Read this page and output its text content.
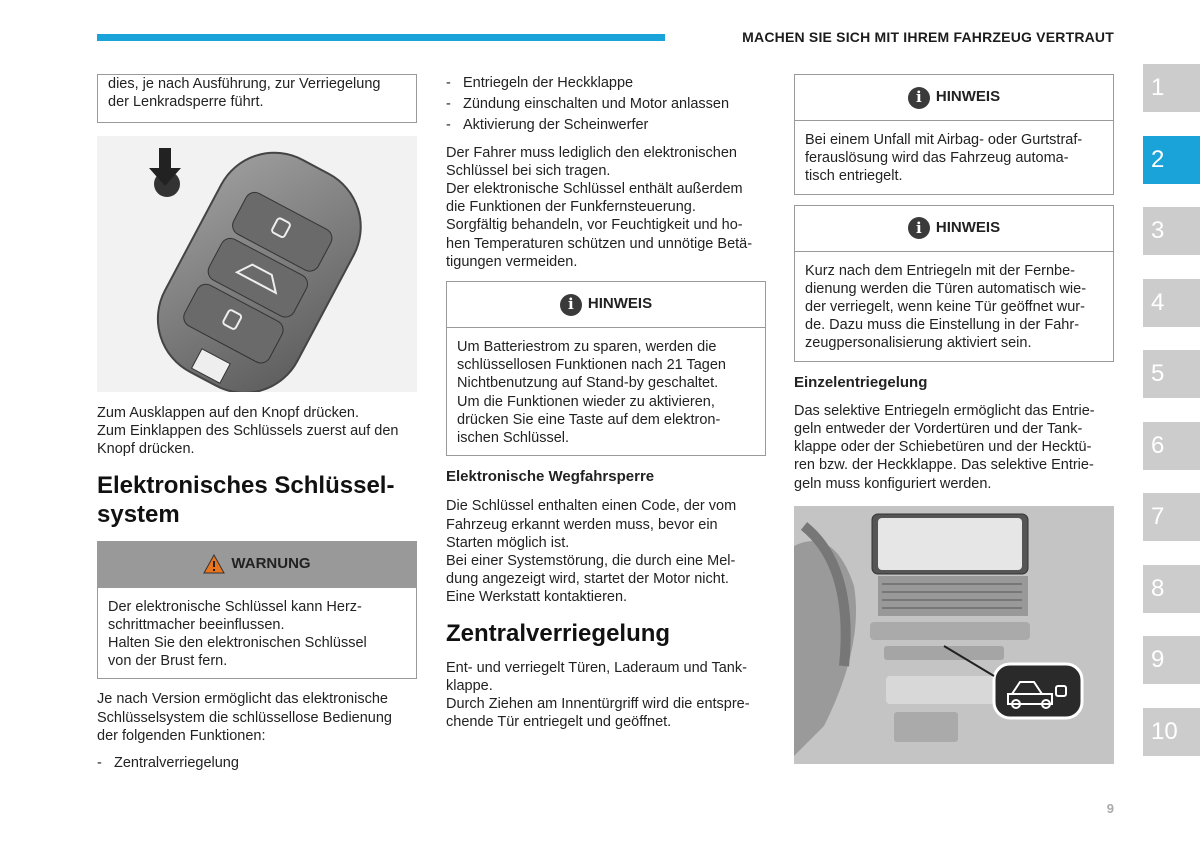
MACHEN SIE SICH MIT IHREM FAHRZEUG VERTRAUT

dies, je nach Ausführung, zur Verriegelung

der Lenkradsperre führt.

Zum Ausklappen auf den Knopf drücken.

Zum Einklappen des Schlüssels zuerst auf den

Knopf drücken.

Elektronisches Schlüssel-

system

WARNUNG

Der elektronische Schlüssel kann Herz-

schrittmacher beeinflussen.

Halten Sie den elektronischen Schlüssel

von der Brust fern.

Je nach Version ermöglicht das elektronische

Schlüsselsystem die schlüssellose Bedienung

der folgenden Funktionen:

- Zentralverriegelung
- Entriegeln der Heckklappe
- Zündung einschalten und Motor anlassen
- Aktivierung der Scheinwerfer

Der Fahrer muss lediglich den elektronischen

Schlüssel bei sich tragen.

Der elektronische Schlüssel enthält außerdem

die Funktionen der Funkfernsteuerung.

Sorgfältig behandeln, vor Feuchtigkeit und ho-

hen Temperaturen schützen und unnötige Betä-

tigungen vermeiden.

i HINWEIS

Um Batteriestrom zu sparen, werden die

schlüssellosen Funktionen nach 21 Tagen

Nichtbenutzung auf Stand-by geschaltet.

Um die Funktionen wieder zu aktivieren,

drücken Sie eine Taste auf dem elektron-

ischen Schlüssel.

Elektronische Wegfahrsperre

Die Schlüssel enthalten einen Code, der vom

Fahrzeug erkannt werden muss, bevor ein

Starten möglich ist.

Bei einer Systemstörung, die durch eine Mel-

dung angezeigt wird, startet der Motor nicht.

Eine Werkstatt kontaktieren.

Zentralverriegelung

Ent- und verriegelt Türen, Laderaum und Tank-

klappe.

Durch Ziehen am Innentürgriff wird die entspre-

chende Tür entriegelt und geöffnet.

i HINWEIS

Bei einem Unfall mit Airbag- oder Gurtstraf-

ferauslösung wird das Fahrzeug automa-

tisch entriegelt.

i HINWEIS

Kurz nach dem Entriegeln mit der Fernbe-

dienung werden die Türen automatisch wie-

der verriegelt, wenn keine Tür geöffnet wur-

de. Dazu muss die Einstellung in der Fahr-

zeugpersonalisierung aktiviert sein.

Einzelentriegelung

Das selektive Entriegeln ermöglicht das Entrie-

geln entweder der Vordertüren und der Tank-

klappe oder der Schiebetüren und der Hecktü-

ren bzw. der Heckklappe. Das selektive Entrie-

geln muss konfiguriert werden.

1
2
3
4
5
6
7
8
9
10
9
